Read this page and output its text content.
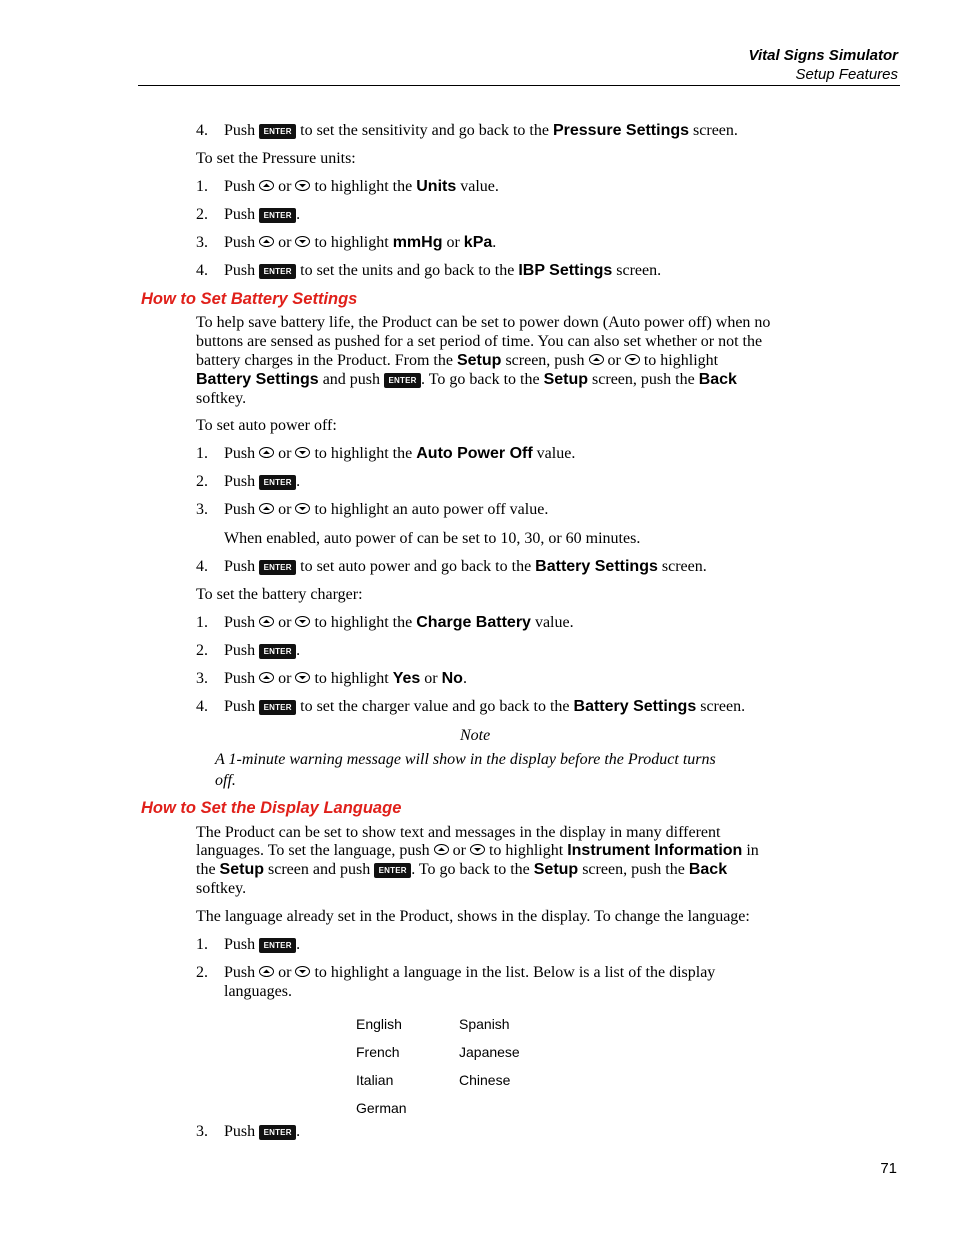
Vital Signs Simulator
Setup Features
4. Push ENTER to set the sensitivity and go back to the Pressure Settings screen.
To set the Pressure units:
1. Push or to highlight the Units value.
2. Push ENTER .
3. Push or to highlight mmHg or kPa.
4. Push ENTER to set the units and go back to the IBP Settings screen.
How to Set Battery Settings
To help save battery life, the Product can be set to power down (Auto power off) when no
buttons are sensed as pushed for a set period of time. You can also set whether or not the
battery charges in the Product. From the Setup screen, push or to highlight
Battery Settings and push ENTER . To go back to the Setup screen, push the Back
softkey.
To set auto power off:
1. Push or to highlight the Auto Power Off value.
2. Push ENTER .
3. Push or to highlight an auto power off value.
When enabled, auto power of can be set to 10, 30, or 60 minutes.
4. Push ENTER to set auto power and go back to the Battery Settings screen.
To set the battery charger:
1. Push or to highlight the Charge Battery value.
2. Push ENTER .
3. Push or to highlight Yes or No.
4. Push ENTER to set the charger value and go back to the Battery Settings screen.
Note
A 1-minute warning message will show in the display before the Product turns off.
How to Set the Display Language
The Product can be set to show text and messages in the display in many different
languages. To set the language, push or to highlight Instrument Information in
the Setup screen and push ENTER . To go back to the Setup screen, push the Back
softkey.
The language already set in the Product, shows in the display. To change the language:
1. Push ENTER .
2. Push or to highlight a language in the list. Below is a list of the display
languages.
English
French
Italian
German
Spanish
Japanese
Chinese
3. Push ENTER .
71
